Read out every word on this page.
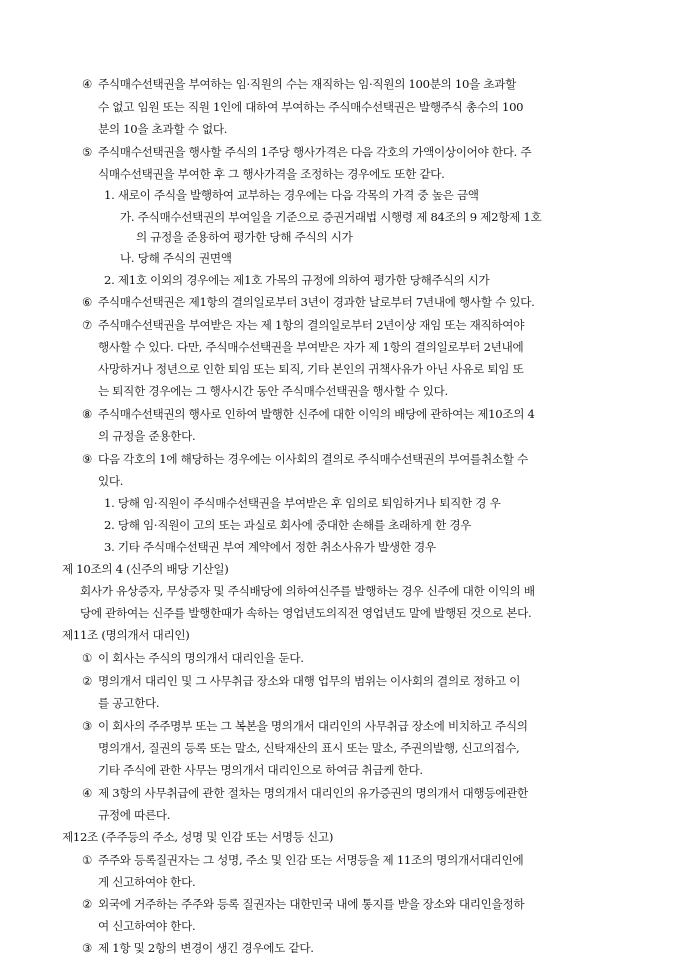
④ 주식매수선택권을 부여하는 임·직원의 수는 재직하는 임·직원의 100분의 10을 초과할

수 없고 임원 또는 직원 1인에 대하여 부여하는 주식매수선택권은 발행주식 총수의 100

분의 10을 초과할 수 없다.

⑤ 주식매수선택권을 행사할 주식의 1주당 행사가격은 다음 각호의 가액이상이어야 한다. 주

식매수선택권을 부여한 후 그 행사가격을 조정하는 경우에도 또한 같다.

1. 새로이 주식을 발행하여 교부하는 경우에는 다음 각목의 가격 중 높은 금액

가. 주식매수선택권의 부여일을 기준으로 증권거래법 시행령 제 84조의 9 제2항제 1호

의 규정을 준용하여 평가한 당해 주식의 시가

나. 당해 주식의 권면액

2. 제1호 이외의 경우에는 제1호 가목의 규정에 의하여 평가한 당해주식의 시가

⑥ 주식매수선택권은 제1항의 결의일로부터 3년이 경과한 날로부터 7년내에 행사할 수 있다.

⑦ 주식매수선택권을 부여받은 자는 제 1항의 결의일로부터 2년이상 재임 또는 재직하여야

행사할 수 있다. 다만, 주식매수선택권을 부여받은 자가 제 1항의 결의일로부터 2년내에

사망하거나 정년으로 인한 퇴임 또는 퇴직, 기타 본인의 귀책사유가 아닌 사유로 퇴임 또

는 퇴직한 경우에는 그 행사시간 동안 주식매수선택권을 행사할 수 있다.

⑧ 주식매수선택권의 행사로 인하여 발행한 신주에 대한 이익의 배당에 관하여는 제10조의 4

의 규정을 준용한다.

⑨ 다음 각호의 1에 해당하는 경우에는 이사회의 결의로 주식매수선택권의 부여를취소할 수

있다.

1. 당해 임·직원이 주식매수선택권을 부여받은 후 임의로 퇴임하거나 퇴직한 경 우

2. 당해 임·직원이 고의 또는 과실로 회사에 중대한 손해를 초래하게 한 경우

3. 기타 주식매수선택권 부여 계약에서 정한 취소사유가 발생한 경우

제 10조의 4 (신주의 배당 기산일)

회사가 유상증자, 무상증자 및 주식배당에 의하여신주를 발행하는 경우 신주에 대한 이익의 배

당에 관하여는 신주를 발행한때가 속하는 영업년도의직전 영업년도 말에 발행된 것으로 본다.

제11조 (명의개서 대리인)

① 이 회사는 주식의 명의개서 대리인을 둔다.

② 명의개서 대리인 및 그 사무취급 장소와 대행 업무의 범위는 이사회의 결의로 정하고 이

를 공고한다.

③ 이 회사의 주주명부 또는 그 복본을 명의개서 대리인의 사무취급 장소에 비치하고 주식의

명의개서, 질권의 등록 또는 말소, 신탁재산의 표시 또는 말소, 주권의발행, 신고의접수,

기타 주식에 관한 사무는 명의개서 대리인으로 하여금 취급케 한다.

④ 제 3항의 사무취급에 관한 절차는 명의개서 대리인의 유가증권의 명의개서 대행등에관한

규정에 따른다.

제12조 (주주등의 주소, 성명 및 인감 또는 서명등 신고)

① 주주와 등록질권자는 그 성명, 주소 및 인감 또는 서명등을 제 11조의 명의개서대리인에

게 신고하여야 한다.

② 외국에 거주하는 주주와 등록 질권자는 대한민국 내에 통지를 받을 장소와 대리인을정하

여 신고하여야 한다.

③ 제 1항 및 2항의 변경이 생긴 경우에도 같다.
